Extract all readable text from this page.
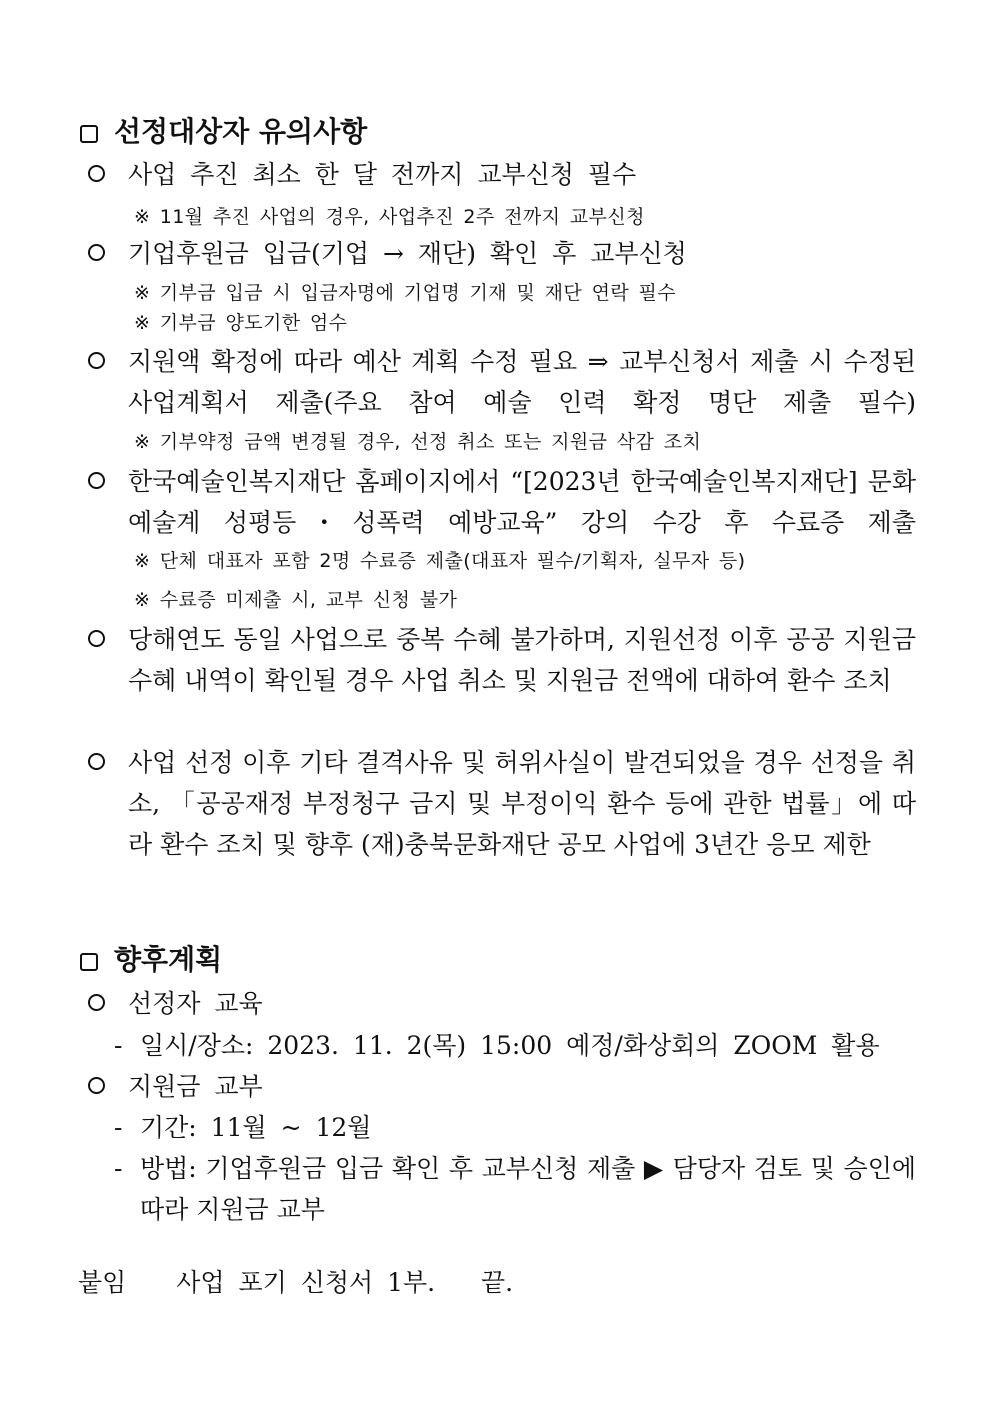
선정대상자 유의사항
사업 추진 최소 한 달 전까지 교부신청 필수
※ 11월 추진 사업의 경우, 사업추진 2주 전까지 교부신청
기업후원금 입금(기업 → 재단) 확인 후 교부신청
※ 기부금 입금 시 입금자명에 기업명 기재 및 재단 연락 필수
※ 기부금 양도기한 엄수
지원액 확정에 따라 예산 계획 수정 필요 ⇒ 교부신청서 제출 시 수정된 사업계획서 제출(주요 참여 예술 인력 확정 명단 제출 필수)
※ 기부약정 금액 변경될 경우, 선정 취소 또는 지원금 삭감 조치
한국예술인복지재단 홈페이지에서 “[2023년 한국예술인복지재단] 문화예술계 성평등・성폭력 예방교육” 강의 수강 후 수료증 제출
※ 단체 대표자 포함 2명 수료증 제출(대표자 필수/기획자, 실무자 등)
※ 수료증 미제출 시, 교부 신청 불가
당해연도 동일 사업으로 중복 수혜 불가하며, 지원선정 이후 공공 지원금 수혜 내역이 확인될 경우 사업 취소 및 지원금 전액에 대하여 환수 조치
사업 선정 이후 기타 결격사유 및 허위사실이 발견되었을 경우 선정을 취소, 「공공재정 부정청구 금지 및 부정이익 환수 등에 관한 법률」에 따라 환수 조치 및 향후 (재)충북문화재단 공모 사업에 3년간 응모 제한
향후계획
선정자 교육
- 일시/장소: 2023. 11. 2(목) 15:00 예정/화상회의 ZOOM 활용
지원금 교부
- 기간: 11월 ~ 12월
- 방법: 기업후원금 입금 확인 후 교부신청 제출 ▶ 담당자 검토 및 승인에 따라 지원금 교부
붙임 사업 포기 신청서 1부. 끝.
